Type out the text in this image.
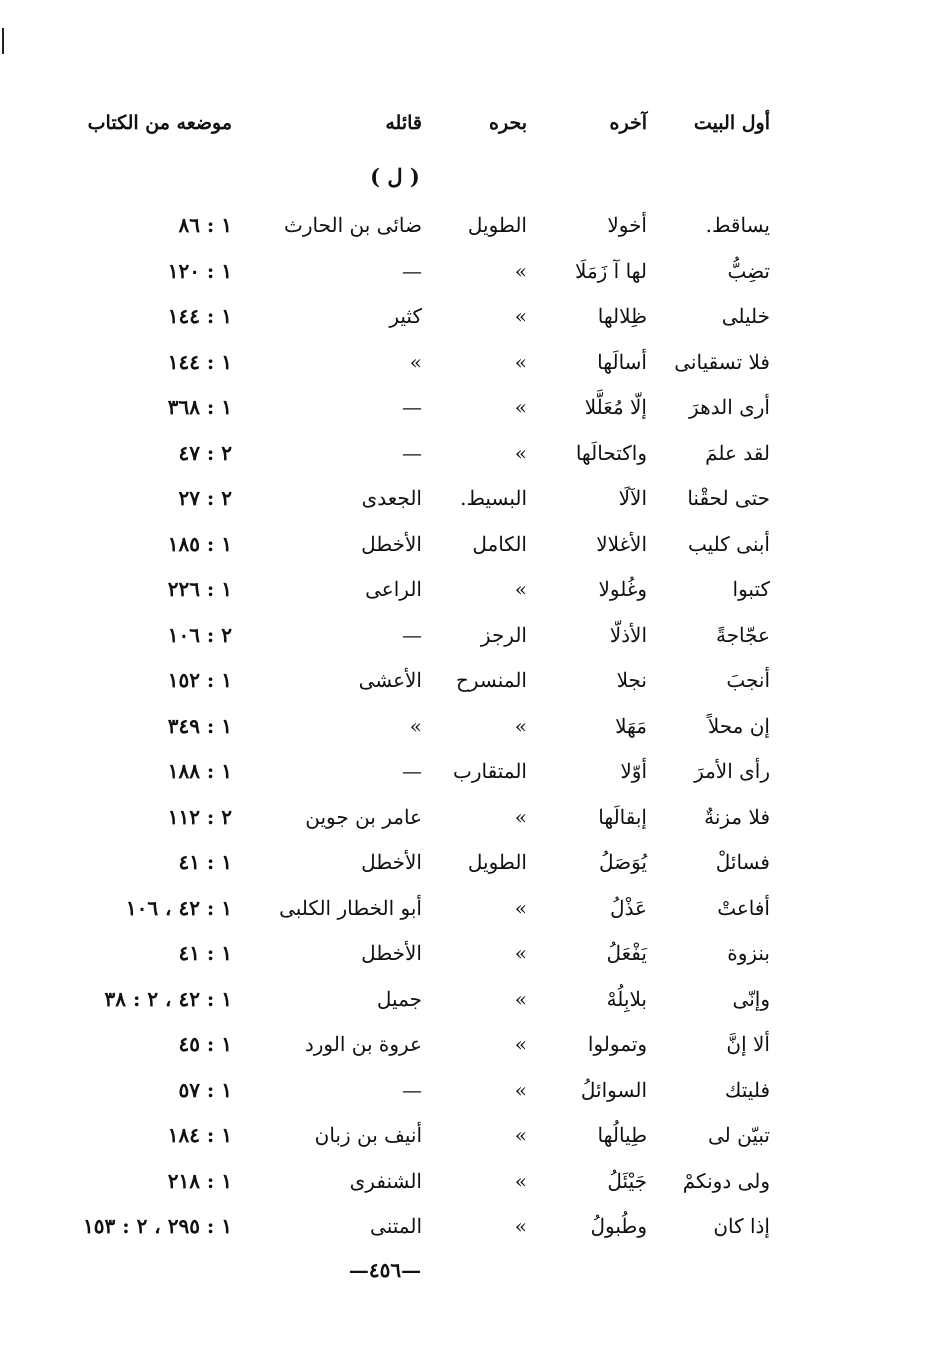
أول البيت
آخره
بحره
قائله
موضعه من الكتاب
( ل )
يساقط.
أخولا
الطويل
ضائى بن الحارث
١ : ٨٦
تضِبُّ
لها آ زَمَلَا
»
—
١ : ١٢٠
خليلى
ظِلالها
»
كثير
١ : ١٤٤
فلا تسقيانى
أسالَها
»
»
١ : ١٤٤
أرى الدهرَ
إلّا مُعَلَّلا
»
—
١ : ٣٦٨
لقد علمَ
واكتحالَها
»
—
٢ : ٤٧
حتى لحقْنا
الآلَا
البسيط.
الجعدى
٢ : ٢٧
أبنى كليب
الأغلالا
الكامل
الأخطل
١ : ١٨٥
كتبوا
وغُلولا
»
الراعى
١ : ٢٢٦
عجّاجةً
الأذلّا
الرجز
—
٢ : ١٠٦
أنجبَ
نجلا
المنسرح
الأعشى
١ : ١٥٢
إن محلاً
مَهَلا
»
»
١ : ٣٤٩
رأى الأمرَ
أوّلا
المتقارب
—
١ : ١٨٨
فلا مزنةٌ
إبقالَها
»
عامر بن جوين
٢ : ١١٢
فسائلْ
يُوَصَلُ
الطويل
الأخطل
١ : ٤١
أفاعتْ
عَذْلُ
»
أبو الخطار الكلبى
١ : ٤٢ ، ١٠٦
بنزوة
يَفْعَلُ
»
الأخطل
١ : ٤١
وإنّى
بلابِلُهْ
»
جميل
١ : ٤٢ ، ٢ : ٣٨
ألا إنَّ
وتمولوا
»
عروة بن الورد
١ : ٤٥
فليتك
السوائلُ
»
—
١ : ٥٧
تبيّن لى
طِيالُها
»
أنيف بن زبان
١ : ١٨٤
ولى دونكمْ
جَيْئَلُ
»
الشنفرى
١ : ٢١٨
إذا كان
وطُبولُ
»
المتنى
١ : ٢٩٥ ، ٢ : ١٥٣
—٤٥٦—
